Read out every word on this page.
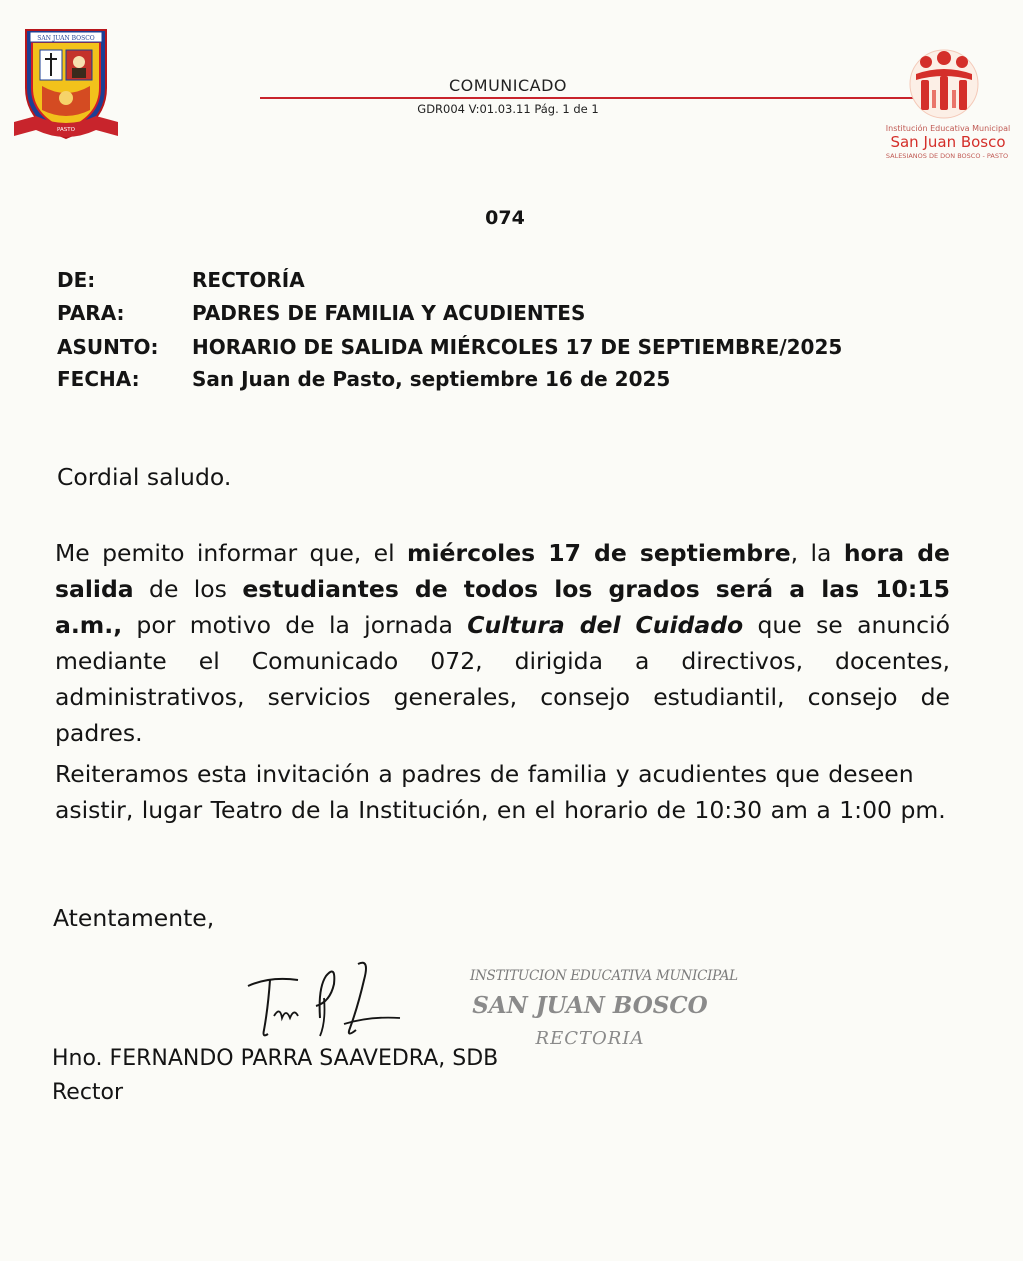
SAN JUAN BOSCO
PASTO
COMUNICADO
GDR004 V:01.03.11 Pág. 1 de 1
Institución Educativa Municipal
San Juan Bosco
SALESIANOS DE DON BOSCO - PASTO
074
DE:	RECTORÍA
PARA:	PADRES DE FAMILIA Y ACUDIENTES
ASUNTO:	HORARIO DE SALIDA MIÉRCOLES 17 DE SEPTIEMBRE/2025
FECHA:	San Juan de Pasto, septiembre 16 de 2025
Cordial saludo.
Me pemito informar que, el miércoles 17 de septiembre, la hora de salida de los estudiantes de todos los grados será a las 10:15 a.m., por motivo de la jornada Cultura del Cuidado que se anunció mediante el Comunicado 072, dirigida a directivos, docentes, administrativos, servicios generales, consejo estudiantil, consejo de padres.
Reiteramos esta invitación a padres de familia y acudientes que deseen asistir, lugar Teatro de la Institución, en el horario de 10:30 am a 1:00 pm.
Atentamente,
INSTITUCION EDUCATIVA MUNICIPAL
SAN JUAN BOSCO
RECTORIA
Hno. FERNANDO PARRA SAAVEDRA, SDB
Rector
